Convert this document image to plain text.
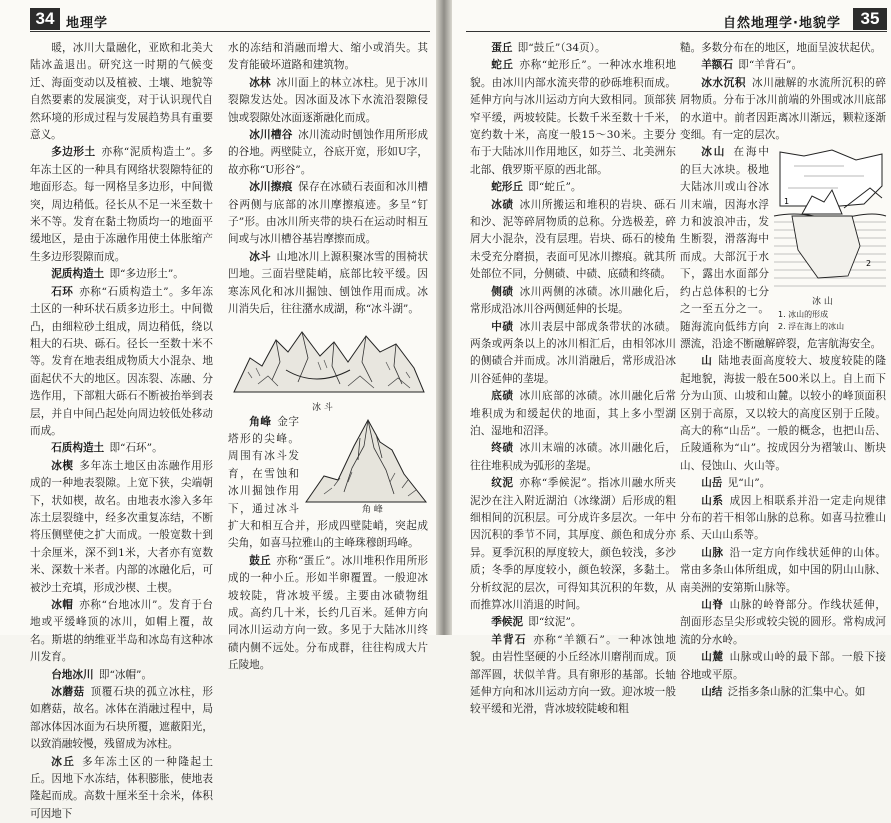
34 地理学

暖，冰川大量融化，亚欧和北美大陆冰盖退出。研究这一时期的气候变迁、海面变动以及植被、土壤、地貌等自然要素的发展演变，对于认识现代自然环境的形成过程与发展趋势具有重要意义。

多边形土  亦称“泥质构造土”。多年冻土区的一种具有网络状裂隙特征的地面形态。每一网格呈多边形，中间微突，周边稍低。径长从不足一米至数十米不等。发育在黏土物质均一的地面平缓地区，是由于冻融作用使土体胀缩产生多边形裂隙而成。

泥质构造土  即“多边形土”。

石环  亦称“石质构造土”。多年冻土区的一种环状石质多边形土。中间微凸，由细粒砂土组成，周边稍低，绕以粗大的石块、砾石。径长一至数十米不等。发育在地表组成物质大小混杂、地面起伏不大的地区。因冻裂、冻融、分选作用，下部粗大砾石不断被抬举到表层，并自中间凸起处向周边较低处移动而成。

石质构造土  即“石环”。

冰楔  多年冻土地区由冻融作用形成的一种地表裂隙。上宽下狭，尖端朝下，状如楔，故名。由地表水渗入多年冻土层裂缝中，经多次重复冻结，不断将压侧壁使之扩大而成。一般宽数十到十余厘米，深不到1米，大者亦有宽数米、深数十米者。内部的冰融化后，可被沙土充填，形成沙楔、土楔。

冰帽  亦称“台地冰川”。发育于台地或平缓峰顶的冰川，如帽上覆，故名。斯堪的纳维亚半岛和冰岛有这种冰川发育。

台地冰川  即“冰帽”。

冰蘑菇  顶覆石块的孤立冰柱，形如蘑菇，故名。冰体在消融过程中，局部冰体因冰面为石块所覆，遮蔽阳光，以致消融较慢，残留成为冰柱。

冰丘  多年冻土区的一种隆起土丘。因地下水冻结，体积膨胀，使地表隆起而成。高数十厘米至十余米，体积可因地下

水的冻结和消融而增大、缩小或消失。其发育能破坏道路和建筑物。

冰林  冰川面上的林立冰柱。见于冰川裂隙发达处。因冰面及冰下水流沿裂隙侵蚀或裂隙处冰面逐渐融化而成。

冰川槽谷  冰川流动时刨蚀作用所形成的谷地。两壁陡立，谷底开宽，形如U字，故亦称“U形谷”。

冰川擦痕  保存在冰碛石表面和冰川槽谷两侧与底部的冰川摩擦痕迹。多呈“钉子”形。由冰川所夹带的块石在运动时相互间或与冰川槽谷基岩摩擦而成。

冰斗  山地冰川上源积聚冰雪的围椅状凹地。三面岩壁陡峭，底部比较平缓。因寒冻风化和冰川掘蚀、刨蚀作用而成。冰川消失后，往往潴水成湖，称“冰斗湖”。

冰 斗
角 峰

角峰  金字塔形的尖峰。周围有冰斗发育，在雪蚀和冰川掘蚀作用下，通过冰斗扩大和相互合并，形成四壁陡峭，突起成尖角，如喜马拉雅山的主峰珠穆朗玛峰。

鼓丘  亦称“蛋丘”。冰川堆积作用所形成的一种小丘。形如半卵覆置。一般迎冰坡较陡，背冰坡平缓。主要由冰碛物组成。高约几十米，长约几百米。延伸方向同冰川运动方向一致。多见于大陆冰川终碛内侧不远处。分布成群，往往构成大片丘陵地。

自然地理学·地貌学	35

蛋丘  即“鼓丘”（34页）。

蛇丘  亦称“蛇形丘”。一种冰水堆积地貌。由冰川内部水流夹带的砂砾堆积而成。延伸方向与冰川运动方向大致相同。顶部狭窄平缓，两坡较陡。长数千米至数十千米，宽约数十米，高度一般15～30米。主要分布于大陆冰川作用地区，如芬兰、北美洲东北部、俄罗斯平原的西北部。

蛇形丘  即“蛇丘”。

冰碛  冰川所搬运和堆积的岩块、砾石和沙、泥等碎屑物质的总称。分选极差，碎屑大小混杂，没有层理。岩块、砾石的棱角未受充分磨损，表面可见冰川擦痕。就其所处部位不同，分侧碛、中碛、底碛和终碛。

侧碛  冰川两侧的冰碛。冰川融化后，常形成沿冰川谷两侧延伸的长堤。

中碛  冰川表层中部成条带状的冰碛。两条或两条以上的冰川相汇后，由相邻冰川的侧碛合并而成。冰川消融后，常形成沿冰川谷延伸的垄堤。

底碛  冰川底部的冰碛。冰川融化后常堆积成为和缓起伏的地面，其上多小型湖泊、湿地和沼泽。

终碛  冰川末端的冰碛。冰川融化后，往往堆积成为弧形的垄堤。

纹泥  亦称“季候泥”。指冰川融水所夹泥沙在注入附近湖泊（冰缘湖）后形成的粗细相间的沉积层。可分成许多层次。一年中因沉积的季节不同，其厚度、颜色和成分亦异。夏季沉积的厚度较大，颜色较浅，多沙质；冬季的厚度较小，颜色较深，多黏土。分析纹泥的层次，可得知其沉积的年数，从而推算冰川消退的时间。

季候泥  即“纹泥”。

羊背石  亦称“羊额石”。一种冰蚀地貌。由岩性坚硬的小丘经冰川磨削而成。顶部浑圆，状似羊背。具有卵形的基部。长轴延伸方向和冰川运动方向一致。迎冰坡一般较平缓和光滑，背冰坡较陡峻和粗

糙。多数分布在的地区，地面呈波状起伏。

羊额石  即“羊背石”。

冰水沉积  冰川融解的水流所沉积的碎屑物质。分布于冰川前端的外围或冰川底部的水道中。前者因距离冰川渐远，颗粒逐渐变细。有一定的层次。

1
2
冰 山
1. 冰山的形成
2. 浮在海上的冰山

冰山  在海中的巨大冰块。极地大陆冰川或山谷冰川末端，因海水浮力和波浪冲击，发生断裂，滑落海中而成。大部沉于水下，露出水面部分约占总体积的七分之一至五分之一。随海流向低纬方向漂流，沿途不断融解碎裂，危害航海安全。

山  陆地表面高度较大、坡度较陡的隆起地貌，海拔一般在500米以上。自上而下分为山顶、山坡和山麓。以较小的峰顶面积区别于高原，又以较大的高度区别于丘陵。高大的称“山岳”。一般的概念，也把山岳、丘陵通称为“山”。按成因分为褶皱山、断块山、侵蚀山、火山等。

山岳  见“山”。

山系  成因上相联系并沿一定走向规律分布的若干相邻山脉的总称。如喜马拉雅山系、天山山系等。

山脉  沿一定方向作线状延伸的山体。常由多条山体所组成，如中国的阴山山脉、南美洲的安第斯山脉等。

山脊  山脉的岭脊部分。作线状延伸，剖面形态呈尖形或较尖锐的圆形。常构成河流的分水岭。

山麓  山脉或山岭的最下部。一般下接谷地或平原。

山结  泛指多条山脉的汇集中心。如
